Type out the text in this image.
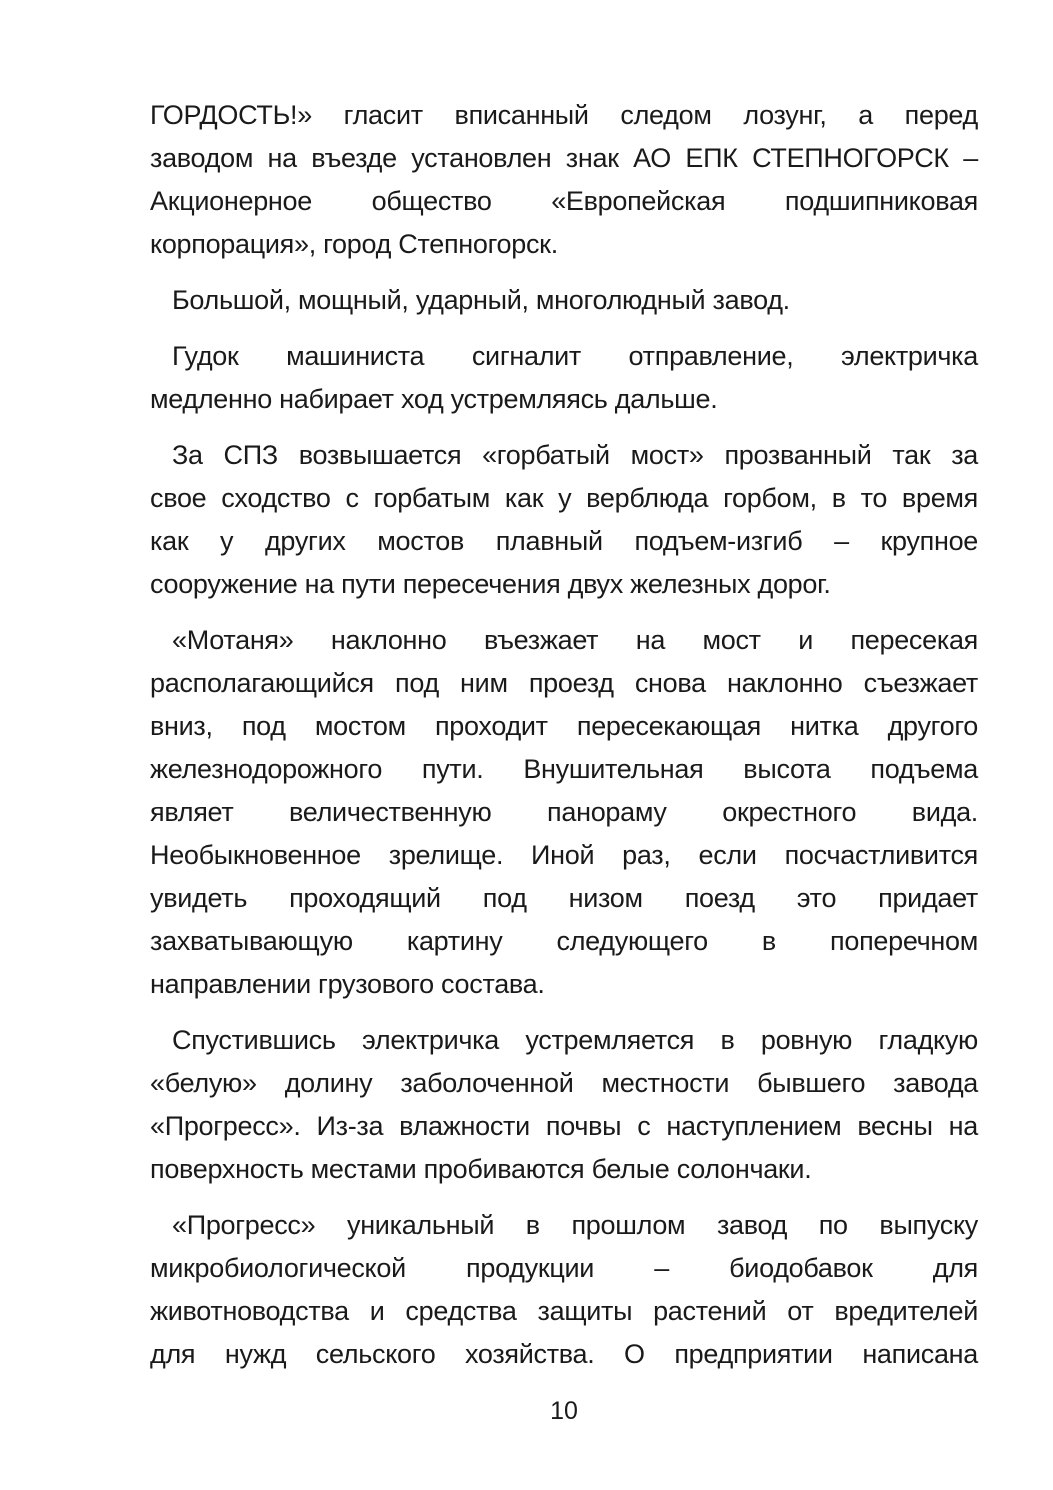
ГОРДОСТЬ!» гласит вписанный следом лозунг, а перед
заводом на въезде установлен знак АО ЕПК СТЕПНОГОРСК –
Акционерное общество «Европейская подшипниковая
корпорация», город Степногорск.

Большой, мощный, ударный, многолюдный завод.

Гудок машиниста сигналит отправление, электричка
медленно набирает ход устремляясь дальше.

За СПЗ возвышается «горбатый мост» прозванный так за
свое сходство с горбатым как у верблюда горбом, в то время
как у других мостов плавный подъем-изгиб – крупное
сооружение на пути пересечения двух железных дорог.

«Мотаня» наклонно въезжает на мост и пересекая
располагающийся под ним проезд снова наклонно съезжает
вниз, под мостом проходит пересекающая нитка другого
железнодорожного пути. Внушительная высота подъема
являет величественную панораму окрестного вида.
Необыкновенное зрелище. Иной раз, если посчастливится
увидеть проходящий под низом поезд это придает
захватывающую картину следующего в поперечном
направлении грузового состава.

Спустившись электричка устремляется в ровную гладкую
«белую» долину заболоченной местности бывшего завода
«Прогресс». Из-за влажности почвы с наступлением весны на
поверхность местами пробиваются белые солончаки.

«Прогресс» уникальный в прошлом завод по выпуску
микробиологической продукции – биодобавок для
животноводства и средства защиты растений от вредителей
для нужд сельского хозяйства. О предприятии написана

10
